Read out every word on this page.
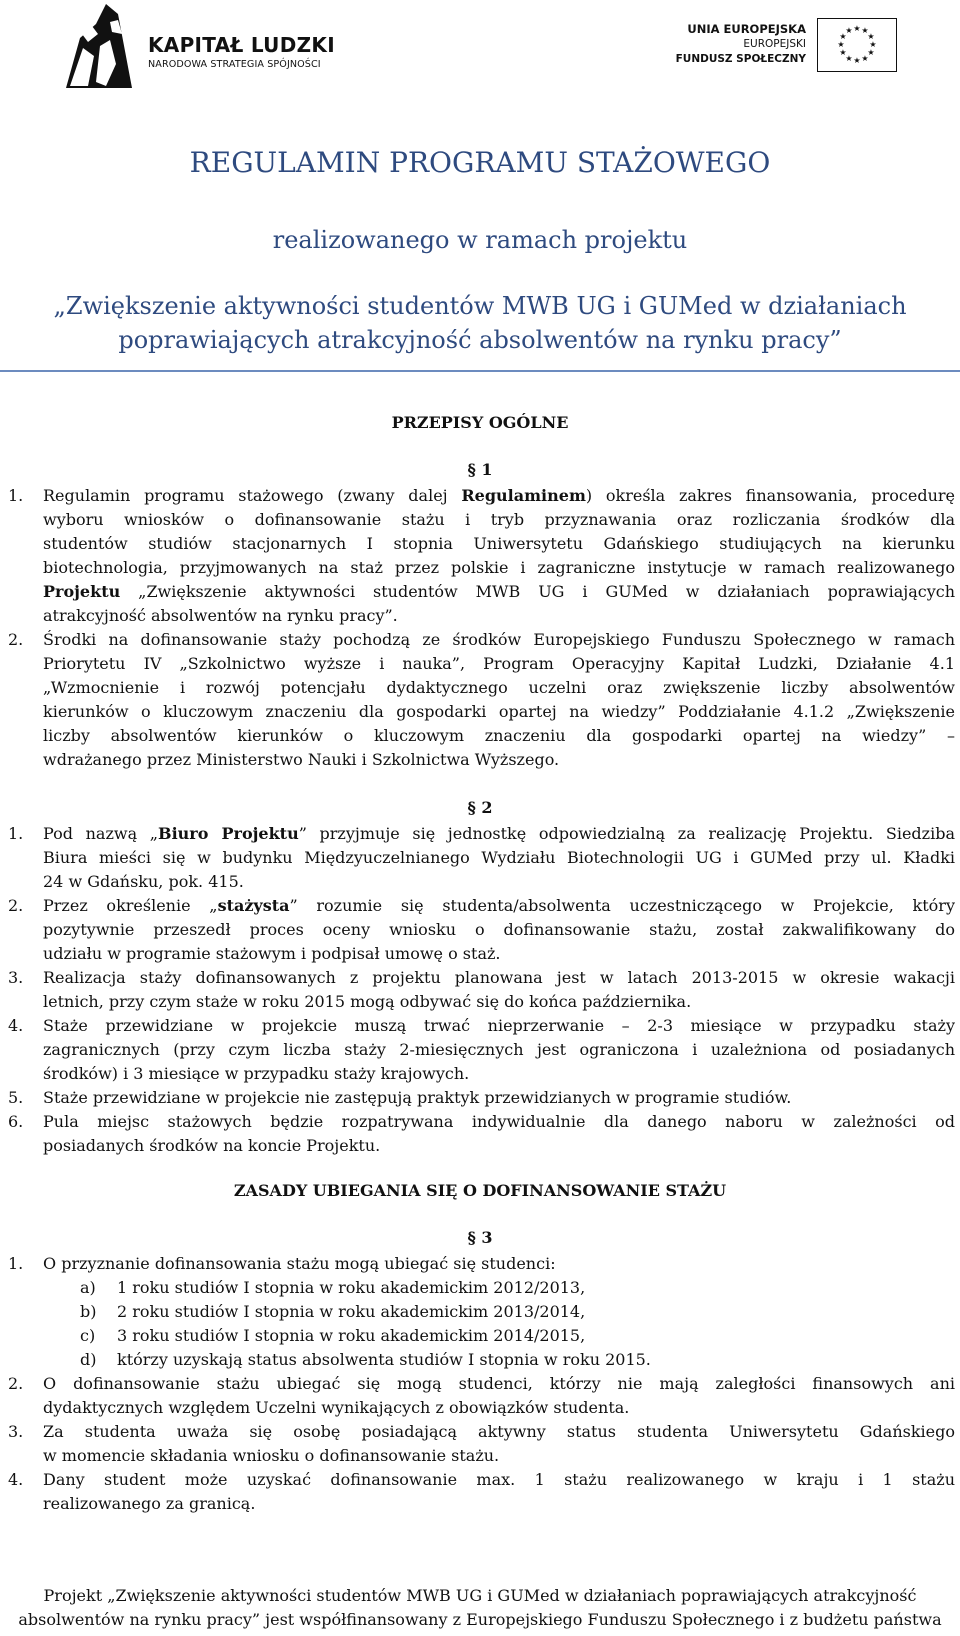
KAPITAŁ LUDZKI
NARODOWA STRATEGIA SPÓJNOŚCI
UNIA EUROPEJSKA
EUROPEJSKI
FUNDUSZ SPOŁECZNY
★ ★
★
★
★
★
★
★
★
★
★
★
REGULAMIN PROGRAMU STAŻOWEGO
realizowanego w ramach projektu
„Zwiększenie aktywności studentów MWB UG i GUMed w działaniach
poprawiających atrakcyjność absolwentów na rynku pracy”
PRZEPISY OGÓLNE
§ 1
1. Regulamin programu stażowego (zwany dalej Regulaminem) określa zakres finansowania, procedurę
wyboru wniosków o dofinansowanie stażu i tryb przyznawania oraz rozliczania środków dla
studentów studiów stacjonarnych I stopnia Uniwersytetu Gdańskiego studiujących na kierunku
biotechnologia, przyjmowanych na staż przez polskie i zagraniczne instytucje w ramach realizowanego
Projektu „Zwiększenie aktywności studentów MWB UG i GUMed w działaniach poprawiających
atrakcyjność absolwentów na rynku pracy”.
2. Środki na dofinansowanie staży pochodzą ze środków Europejskiego Funduszu Społecznego w ramach
Priorytetu IV „Szkolnictwo wyższe i nauka”, Program Operacyjny Kapitał Ludzki, Działanie 4.1
„Wzmocnienie i rozwój potencjału dydaktycznego uczelni oraz zwiększenie liczby absolwentów
kierunków o kluczowym znaczeniu dla gospodarki opartej na wiedzy” Poddziałanie 4.1.2 „Zwiększenie
liczby absolwentów kierunków o kluczowym znaczeniu dla gospodarki opartej na wiedzy” –
wdrażanego przez Ministerstwo Nauki i Szkolnictwa Wyższego.
§ 2
1. Pod nazwą „Biuro Projektu” przyjmuje się jednostkę odpowiedzialną za realizację Projektu. Siedziba
Biura mieści się w budynku Międzyuczelnianego Wydziału Biotechnologii UG i GUMed przy ul. Kładki
24 w Gdańsku, pok. 415.
2. Przez określenie „stażysta” rozumie się studenta/absolwenta uczestniczącego w Projekcie, który
pozytywnie przeszedł proces oceny wniosku o dofinansowanie stażu, został zakwalifikowany do
udziału w programie stażowym i podpisał umowę o staż.
3. Realizacja staży dofinansowanych z projektu planowana jest w latach 2013-2015 w okresie wakacji
letnich, przy czym staże w roku 2015 mogą odbywać się do końca października.
4. Staże przewidziane w projekcie muszą trwać nieprzerwanie – 2-3 miesiące w przypadku staży
zagranicznych (przy czym liczba staży 2-miesięcznych jest ograniczona i uzależniona od posiadanych
środków) i 3 miesiące w przypadku staży krajowych.
5. Staże przewidziane w projekcie nie zastępują praktyk przewidzianych w programie studiów.
6. Pula miejsc stażowych będzie rozpatrywana indywidualnie dla danego naboru w zależności od
posiadanych środków na koncie Projektu.
ZASADY UBIEGANIA SIĘ O DOFINANSOWANIE STAŻU
§ 3
1. O przyznanie dofinansowania stażu mogą ubiegać się studenci:
a) 1 roku studiów I stopnia w roku akademickim 2012/2013,
b) 2 roku studiów I stopnia w roku akademickim 2013/2014,
c) 3 roku studiów I stopnia w roku akademickim 2014/2015,
d) którzy uzyskają status absolwenta studiów I stopnia w roku 2015.
2. O dofinansowanie stażu ubiegać się mogą studenci, którzy nie mają zaległości finansowych ani
dydaktycznych względem Uczelni wynikających z obowiązków studenta.
3. Za studenta uważa się osobę posiadającą aktywny status studenta Uniwersytetu Gdańskiego
w momencie składania wniosku o dofinansowanie stażu.
4. Dany student może uzyskać dofinansowanie max. 1 stażu realizowanego w kraju i 1 stażu
realizowanego za granicą.
Projekt „Zwiększenie aktywności studentów MWB UG i GUMed w działaniach poprawiających atrakcyjność
absolwentów na rynku pracy” jest współfinansowany z Europejskiego Funduszu Społecznego i z budżetu państwa
